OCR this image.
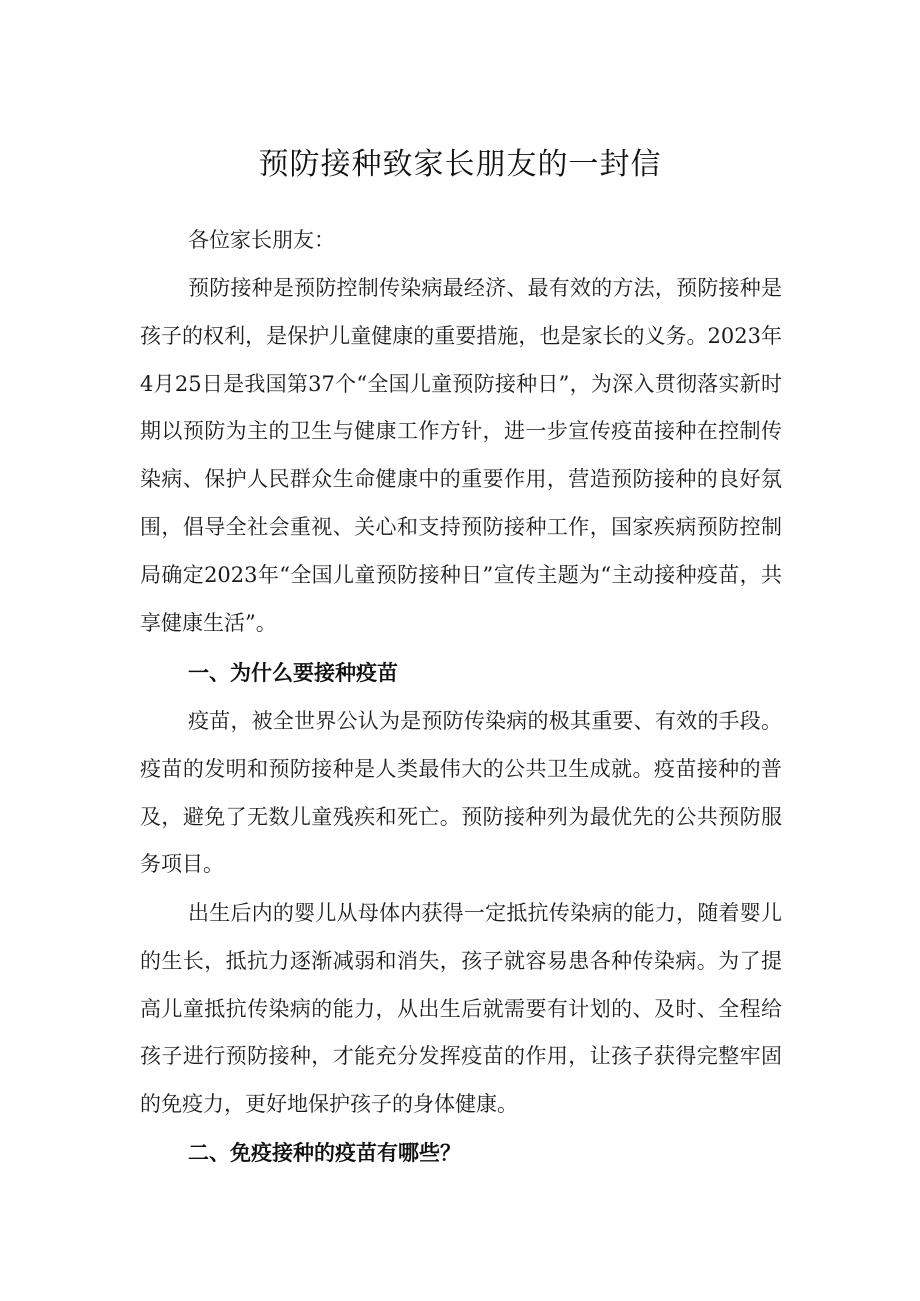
预防接种致家长朋友的一封信

各位家长朋友：

预防接种是预防控制传染病最经济、最有效的方法，预防接种是孩子的权利，是保护儿童健康的重要措施，也是家长的义务。2023年4月25日是我国第37个“全国儿童预防接种日”，为深入贯彻落实新时期以预防为主的卫生与健康工作方针，进一步宣传疫苗接种在控制传染病、保护人民群众生命健康中的重要作用，营造预防接种的良好氛围，倡导全社会重视、关心和支持预防接种工作，国家疾病预防控制局确定2023年“全国儿童预防接种日”宣传主题为“主动接种疫苗，共享健康生活”。

一、为什么要接种疫苗

疫苗，被全世界公认为是预防传染病的极其重要、有效的手段。疫苗的发明和预防接种是人类最伟大的公共卫生成就。疫苗接种的普及，避免了无数儿童残疾和死亡。预防接种列为最优先的公共预防服务项目。

出生后内的婴儿从母体内获得一定抵抗传染病的能力，随着婴儿的生长，抵抗力逐渐减弱和消失，孩子就容易患各种传染病。为了提高儿童抵抗传染病的能力，从出生后就需要有计划的、及时、全程给孩子进行预防接种，才能充分发挥疫苗的作用，让孩子获得完整牢固的免疫力，更好地保护孩子的身体健康。

二、免疫接种的疫苗有哪些？
